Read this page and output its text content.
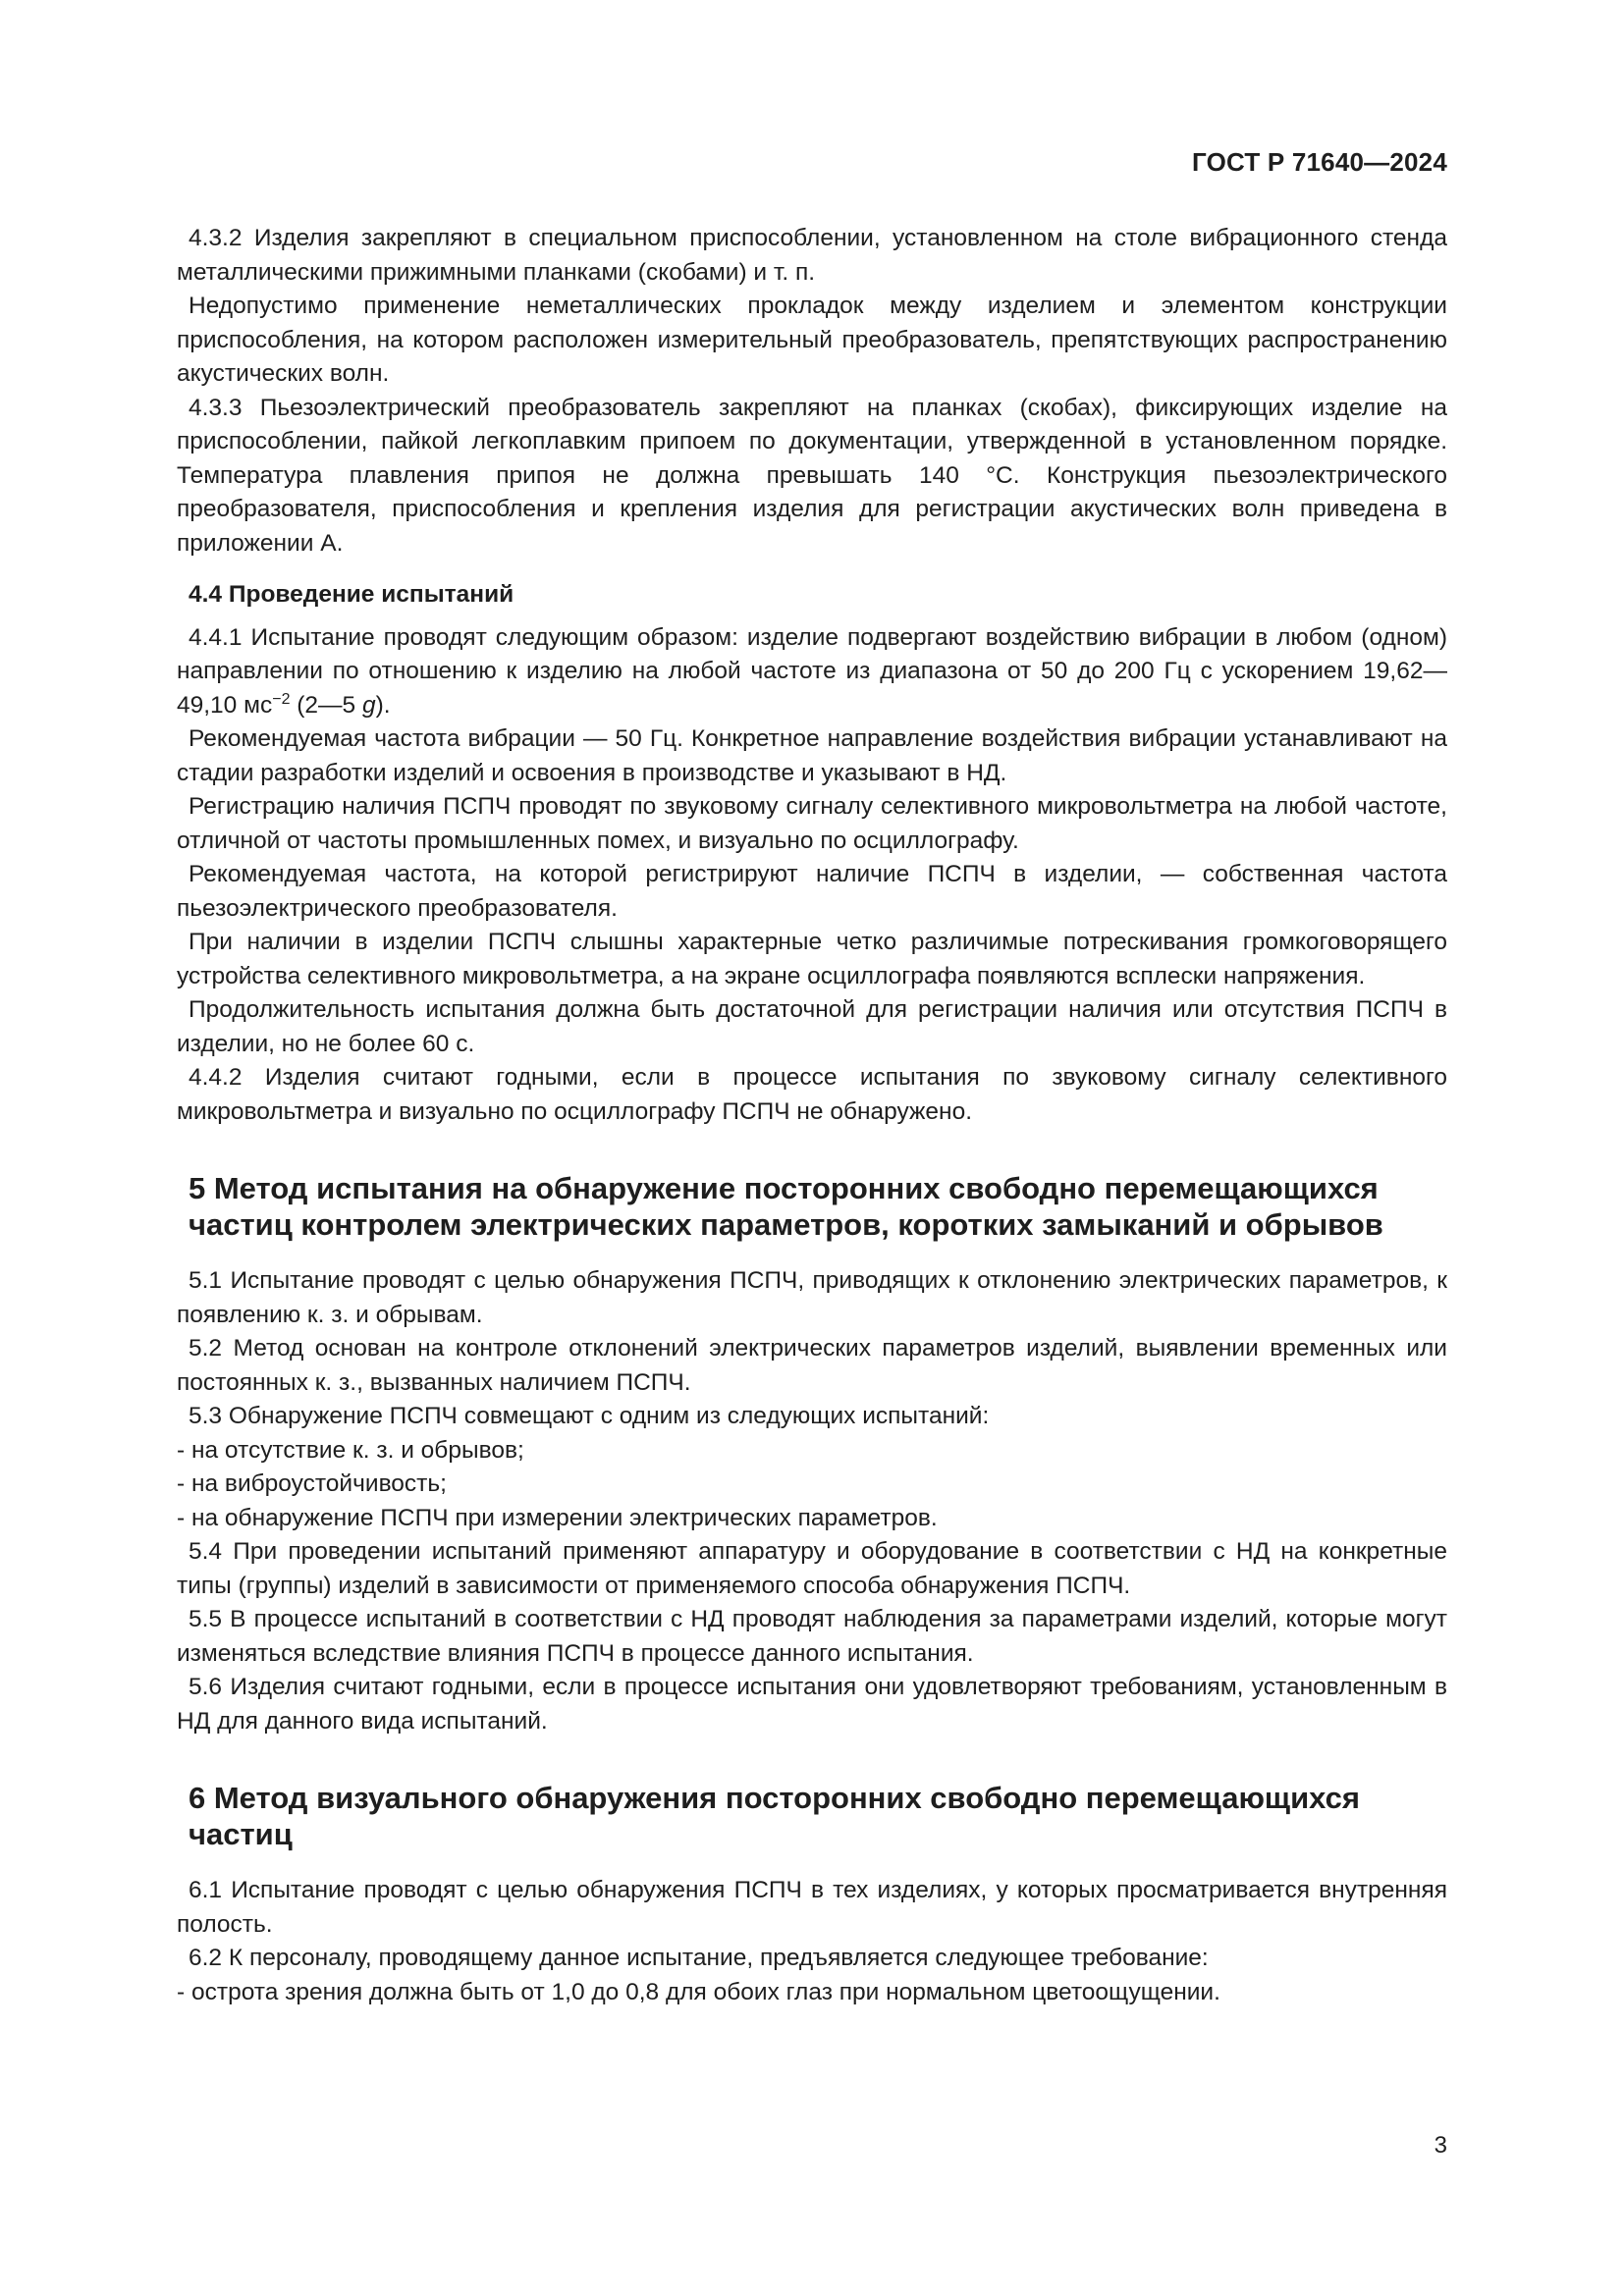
ГОСТ Р 71640—2024

4.3.2 Изделия закрепляют в специальном приспособлении, установленном на столе вибрационного стенда металлическими прижимными планками (скобами) и т. п.

Недопустимо применение неметаллических прокладок между изделием и элементом конструкции приспособления, на котором расположен измерительный преобразователь, препятствующих распространению акустических волн.

4.3.3 Пьезоэлектрический преобразователь закрепляют на планках (скобах), фиксирующих изделие на приспособлении, пайкой легкоплавким припоем по документации, утвержденной в установленном порядке. Температура плавления припоя не должна превышать 140 °С. Конструкция пьезоэлектрического преобразователя, приспособления и крепления изделия для регистрации акустических волн приведена в приложении А.

4.4 Проведение испытаний

4.4.1 Испытание проводят следующим образом: изделие подвергают воздействию вибрации в любом (одном) направлении по отношению к изделию на любой частоте из диапазона от 50 до 200 Гц с ускорением 19,62—49,10 $мс^{-2}$ (2—5 g).

Рекомендуемая частота вибрации — 50 Гц. Конкретное направление воздействия вибрации устанавливают на стадии разработки изделий и освоения в производстве и указывают в НД.

Регистрацию наличия ПСПЧ проводят по звуковому сигналу селективного микровольтметра на любой частоте, отличной от частоты промышленных помех, и визуально по осциллографу.

Рекомендуемая частота, на которой регистрируют наличие ПСПЧ в изделии, — собственная частота пьезоэлектрического преобразователя.

При наличии в изделии ПСПЧ слышны характерные четко различимые потрескивания громкоговорящего устройства селективного микровольтметра, а на экране осциллографа появляются всплески напряжения.

Продолжительность испытания должна быть достаточной для регистрации наличия или отсутствия ПСПЧ в изделии, но не более 60 с.

4.4.2 Изделия считают годными, если в процессе испытания по звуковому сигналу селективного микровольтметра и визуально по осциллографу ПСПЧ не обнаружено.

5 Метод испытания на обнаружение посторонних свободно перемещающихся частиц контролем электрических параметров, коротких замыканий и обрывов

5.1 Испытание проводят с целью обнаружения ПСПЧ, приводящих к отклонению электрических параметров, к появлению к. з. и обрывам.

5.2 Метод основан на контроле отклонений электрических параметров изделий, выявлении временных или постоянных к. з., вызванных наличием ПСПЧ.

5.3 Обнаружение ПСПЧ совмещают с одним из следующих испытаний:

- на отсутствие к. з. и обрывов;

- на виброустойчивость;

- на обнаружение ПСПЧ при измерении электрических параметров.

5.4 При проведении испытаний применяют аппаратуру и оборудование в соответствии с НД на конкретные типы (группы) изделий в зависимости от применяемого способа обнаружения ПСПЧ.

5.5 В процессе испытаний в соответствии с НД проводят наблюдения за параметрами изделий, которые могут изменяться вследствие влияния ПСПЧ в процессе данного испытания.

5.6 Изделия считают годными, если в процессе испытания они удовлетворяют требованиям, установленным в НД для данного вида испытаний.

6 Метод визуального обнаружения посторонних свободно перемещающихся частиц

6.1 Испытание проводят с целью обнаружения ПСПЧ в тех изделиях, у которых просматривается внутренняя полость.

6.2 К персоналу, проводящему данное испытание, предъявляется следующее требование:

- острота зрения должна быть от 1,0 до 0,8 для обоих глаз при нормальном цветоощущении.

3
